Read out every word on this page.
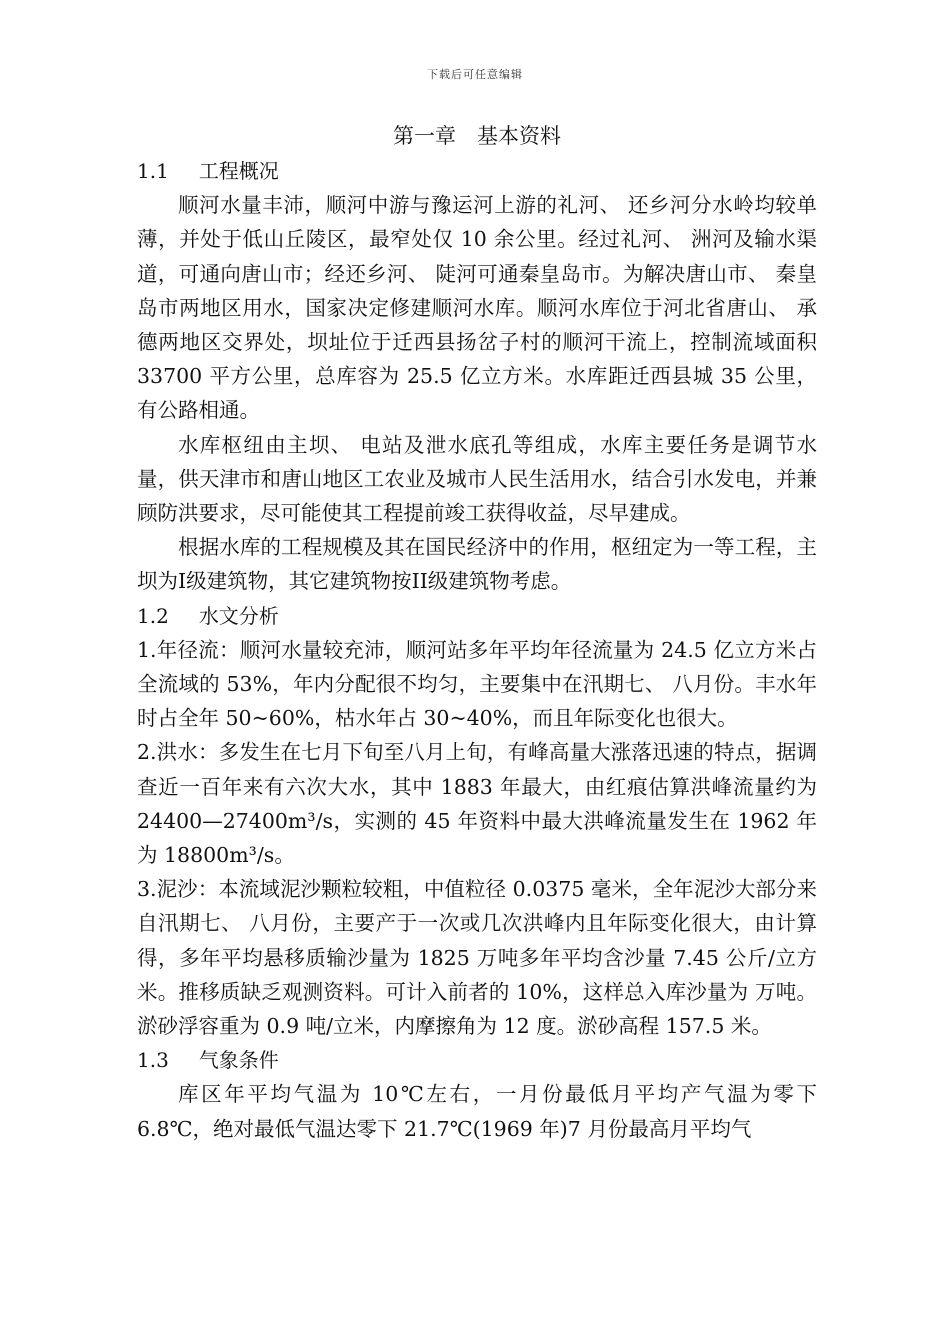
下载后可任意编辑
第一章　基本资料
1.1 工程概况

顺河水量丰沛，顺河中游与豫运河上游的礼河、 还乡河分水岭均较单薄，并处于低山丘陵区，最窄处仅 10 余公里。经过礼河、 洲河及输水渠道，可通向唐山市；经还乡河、 陡河可通秦皇岛市。为解决唐山市、 秦皇岛市两地区用水，国家决定修建顺河水库。顺河水库位于河北省唐山、 承德两地区交界处，坝址位于迁西县扬岔子村的顺河干流上，控制流域面积 33700 平方公里，总库容为 25.5 亿立方米。水库距迁西县城 35 公里，有公路相通。

水库枢纽由主坝、 电站及泄水底孔等组成，水库主要任务是调节水量，供天津市和唐山地区工农业及城市人民生活用水，结合引水发电，并兼顾防洪要求，尽可能使其工程提前竣工获得收益，尽早建成。

根据水库的工程规模及其在国民经济中的作用，枢纽定为一等工程，主坝为I级建筑物，其它建筑物按II级建筑物考虑。

1.2 水文分析

1.年径流：顺河水量较充沛，顺河站多年平均年径流量为 24.5 亿立方米占全流域的 53%，年内分配很不均匀，主要集中在汛期七、 八月份。丰水年时占全年 50~60%，枯水年占 30~40%，而且年际变化也很大。

2.洪水：多发生在七月下旬至八月上旬，有峰高量大涨落迅速的特点，据调查近一百年来有六次大水，其中 1883 年最大，由红痕估算洪峰流量约为 24400—27400m³/s，实测的 45 年资料中最大洪峰流量发生在 1962 年为 18800m³/s。

3.泥沙：本流域泥沙颗粒较粗，中值粒径 0.0375 毫米，全年泥沙大部分来自汛期七、 八月份，主要产于一次或几次洪峰内且年际变化很大，由计算得，多年平均悬移质输沙量为 1825 万吨多年平均含沙量 7.45 公斤/立方米。推移质缺乏观测资料。可计入前者的 10%，这样总入库沙量为 万吨。淤砂浮容重为 0.9 吨/立米，内摩擦角为 12 度。淤砂高程 157.5 米。

1.3 气象条件

库区年平均气温为 10℃左右，一月份最低月平均产气温为零下 6.8℃，绝对最低气温达零下 21.7℃(1969 年)7 月份最高月平均气
